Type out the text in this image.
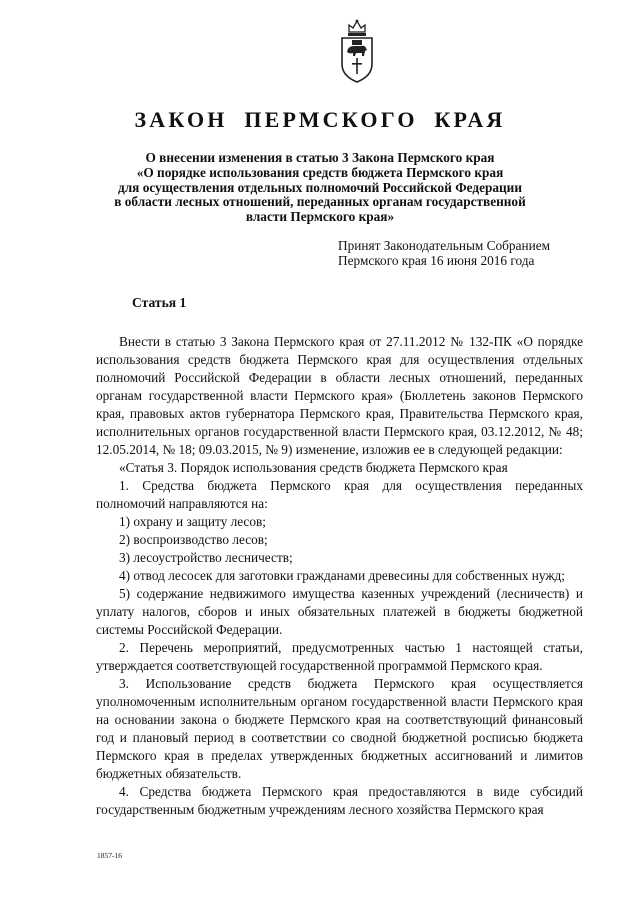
ЗАКОН ПЕРМСКОГО КРАЯ
О внесении изменения в статью 3 Закона Пермского края
«О порядке использования средств бюджета Пермского края
для осуществления отдельных полномочий Российской Федерации
в области лесных отношений, переданных органам государственной
власти Пермского края»
Принят Законодательным Собранием
Пермского края 16 июня 2016 года
Статья 1

Внести в статью 3 Закона Пермского края от 27.11.2012 № 132-ПК «О порядке использования средств бюджета Пермского края для осуществления отдельных полномочий Российской Федерации в области лесных отношений, переданных органам государственной власти Пермского края» (Бюллетень законов Пермского края, правовых актов губернатора Пермского края, Правительства Пермского края, исполнительных органов государственной власти Пермского края, 03.12.2012, № 48; 12.05.2014, № 18; 09.03.2015, № 9) изменение, изложив ее в следующей редакции:

«Статья 3. Порядок использования средств бюджета Пермского края

1. Средства бюджета Пермского края для осуществления переданных полномочий направляются на:

1) охрану и защиту лесов;

2) воспроизводство лесов;

3) лесоустройство лесничеств;

4) отвод лесосек для заготовки гражданами древесины для собственных нужд;

5) содержание недвижимого имущества казенных учреждений (лесничеств) и уплату налогов, сборов и иных обязательных платежей в бюджеты бюджетной системы Российской Федерации.

2. Перечень мероприятий, предусмотренных частью 1 настоящей статьи, утверждается соответствующей государственной программой Пермского края.

3. Использование средств бюджета Пермского края осуществляется уполномоченным исполнительным органом государственной власти Пермского края на основании закона о бюджете Пермского края на соответствующий финансовый год и плановый период в соответствии со сводной бюджетной росписью бюджета Пермского края в пределах утвержденных бюджетных ассигнований и лимитов бюджетных обязательств.

4. Средства бюджета Пермского края предоставляются в виде субсидий государственным бюджетным учреждениям лесного хозяйства Пермского края

1857-16
